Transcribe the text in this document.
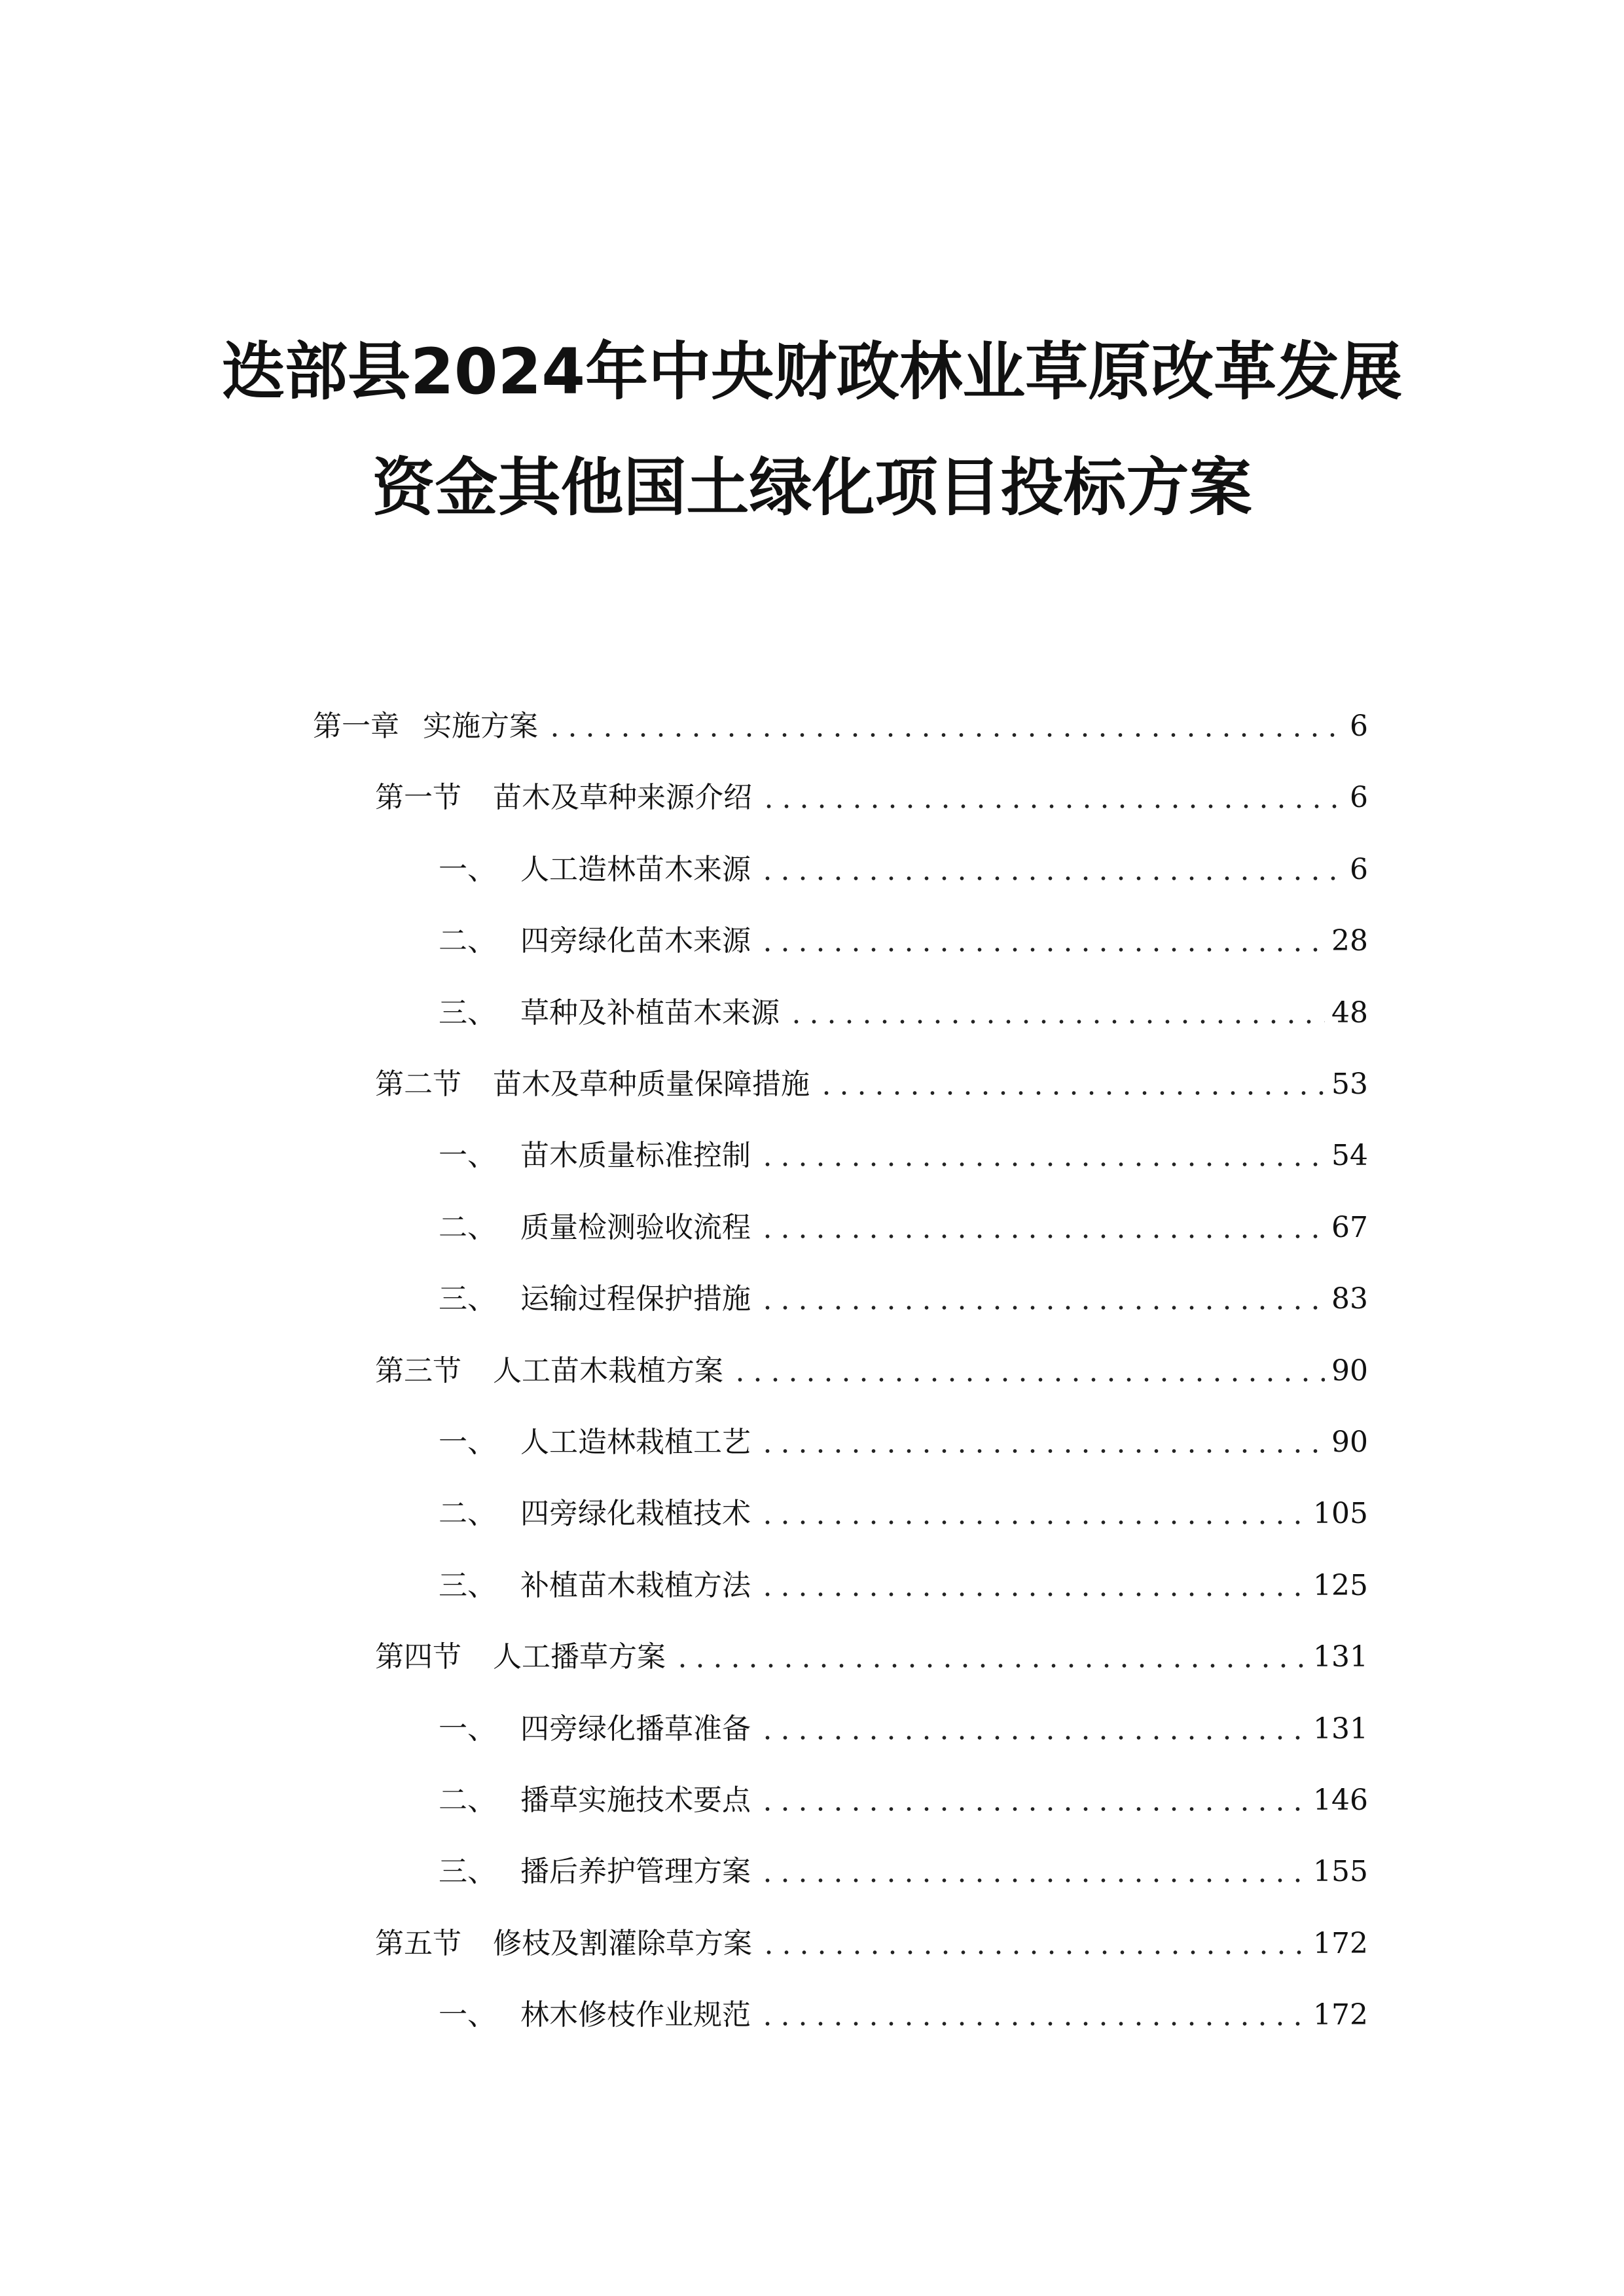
迭部县2024年中央财政林业草原改革发展
资金其他国土绿化项目投标方案
第一章 实施方案	6
第一节	苗木及草种来源介绍	6
一、 人工造林苗木来源	6
二、 四旁绿化苗木来源	28
三、 草种及补植苗木来源	48
第二节	苗木及草种质量保障措施	53
一、 苗木质量标准控制	54
二、 质量检测验收流程	67
三、 运输过程保护措施	83
第三节	人工苗木栽植方案	90
一、 人工造林栽植工艺	90
二、 四旁绿化栽植技术	105
三、 补植苗木栽植方法	125
第四节	人工播草方案	131
一、 四旁绿化播草准备	131
二、 播草实施技术要点	146
三、 播后养护管理方案	155
第五节	修枝及割灌除草方案	172
一、 林木修枝作业规范	172
